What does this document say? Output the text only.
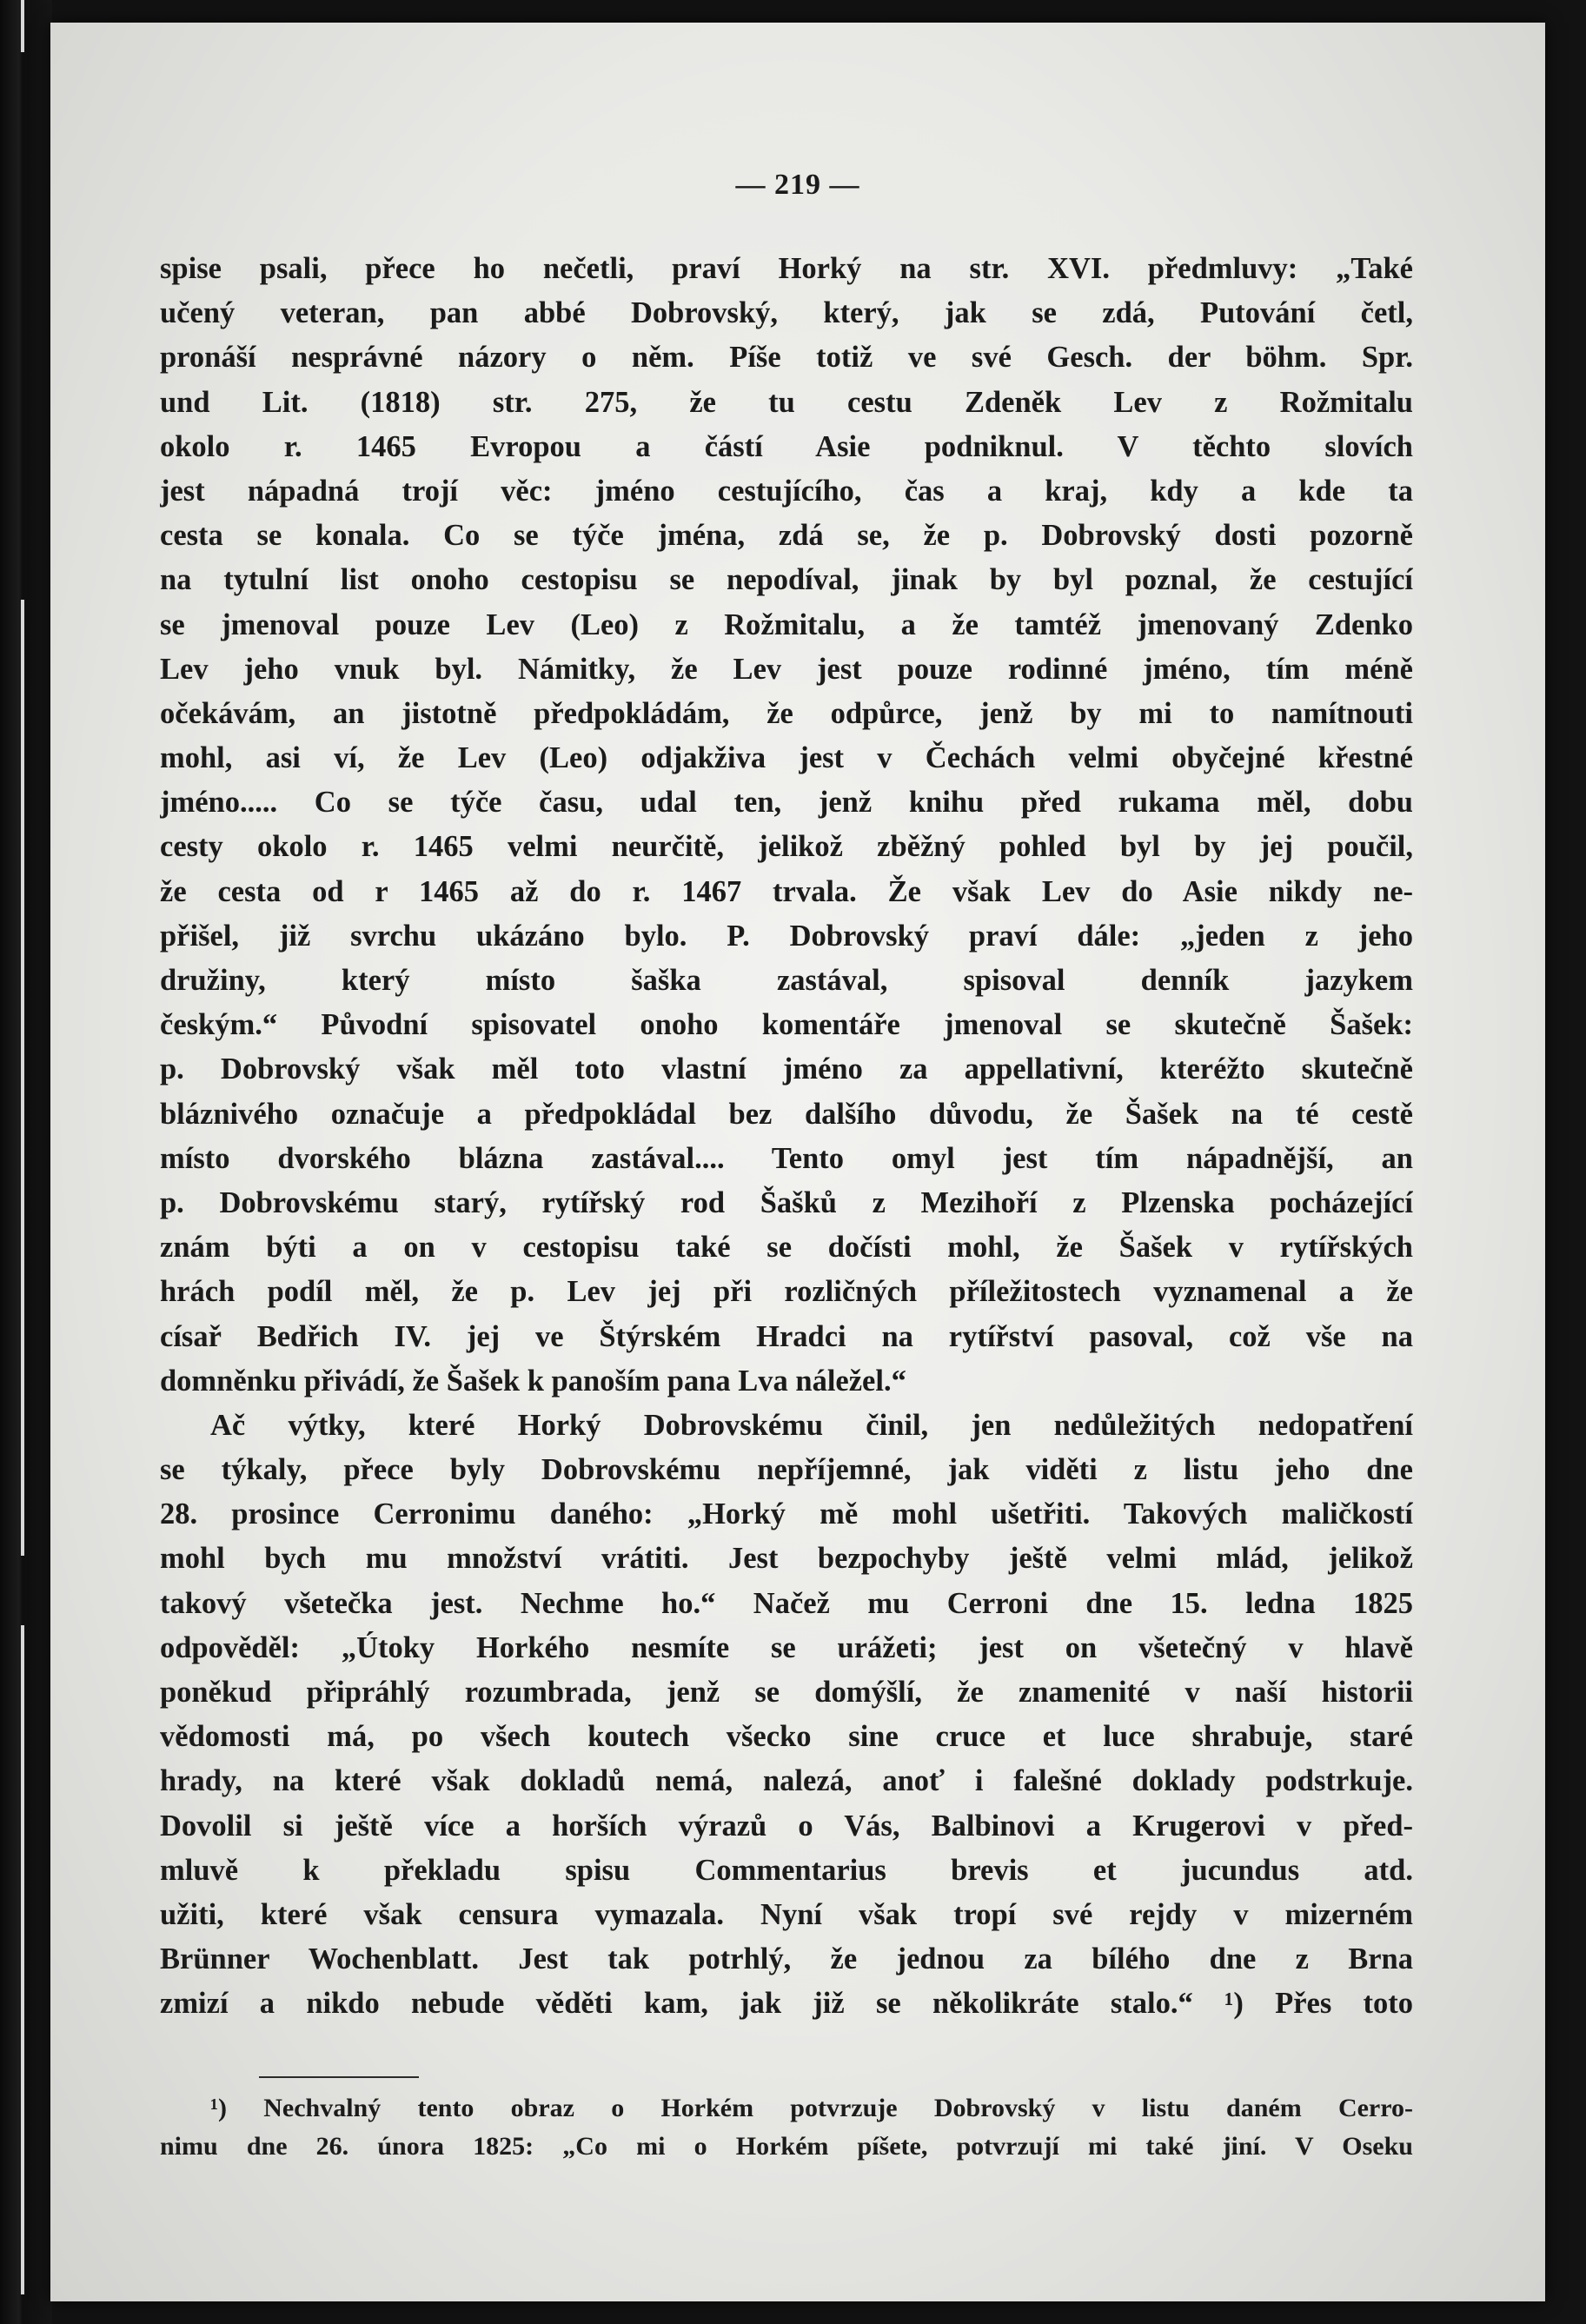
— 219 —
spise psali, přece ho nečetli, praví Horký na str. XVI. předmluvy: „Také
učený veteran, pan abbé Dobrovský, který, jak se zdá, Putování četl,
pronáší nesprávné názory o něm. Píše totiž ve své Gesch. der böhm. Spr.
und Lit. (1818) str. 275, že tu cestu Zdeněk Lev z Rožmitalu
okolo r. 1465 Evropou a částí Asie podniknul. V těchto slovích
jest nápadná trojí věc: jméno cestujícího, čas a kraj, kdy a kde ta
cesta se konala. Co se týče jména, zdá se, že p. Dobrovský dosti pozorně
na tytulní list onoho cestopisu se nepodíval, jinak by byl poznal, že cestující
se jmenoval pouze Lev (Leo) z Rožmitalu, a že tamtéž jmenovaný Zdenko
Lev jeho vnuk byl. Námitky, že Lev jest pouze rodinné jméno, tím méně
očekávám, an jistotně předpokládám, že odpůrce, jenž by mi to namítnouti
mohl, asi ví, že Lev (Leo) odjakživa jest v Čechách velmi obyčejné křestné
jméno..... Co se týče času, udal ten, jenž knihu před rukama měl, dobu
cesty okolo r. 1465 velmi neurčitě, jelikož zběžný pohled byl by jej poučil,
že cesta od r 1465 až do r. 1467 trvala. Že však Lev do Asie nikdy ne-
přišel, již svrchu ukázáno bylo. P. Dobrovský praví dále: „jeden z jeho
družiny, který místo šaška zastával, spisoval denník jazykem
českým.“ Původní spisovatel onoho komentáře jmenoval se skutečně Šašek:
p. Dobrovský však měl toto vlastní jméno za appellativní, kteréžto skutečně
bláznivého označuje a předpokládal bez dalšího důvodu, že Šašek na té cestě
místo dvorského blázna zastával.... Tento omyl jest tím nápadnější, an
p. Dobrovskému starý, rytířský rod Šašků z Mezihoří z Plzenska pocházející
znám býti a on v cestopisu také se dočísti mohl, že Šašek v rytířských
hrách podíl měl, že p. Lev jej při rozličných příležitostech vyznamenal a že
císař Bedřich IV. jej ve Štýrském Hradci na rytířství pasoval, což vše na
domněnku přivádí, že Šašek k panoším pana Lva náležel.“
Ač výtky, které Horký Dobrovskému činil, jen nedůležitých nedopatření
se týkaly, přece byly Dobrovskému nepříjemné, jak viděti z listu jeho dne
28. prosince Cerronimu daného: „Horký mě mohl ušetřiti. Takových maličkostí
mohl bych mu množství vrátiti. Jest bezpochyby ještě velmi mlád, jelikož
takový všetečka jest. Nechme ho.“ Načež mu Cerroni dne 15. ledna 1825
odpověděl: „Útoky Horkého nesmíte se urážeti; jest on všetečný v hlavě
poněkud připráhlý rozumbrada, jenž se domýšlí, že znamenité v naší historii
vědomosti má, po všech koutech všecko sine cruce et luce shrabuje, staré
hrady, na které však dokladů nemá, nalezá, anoť i falešné doklady podstrkuje.
Dovolil si ještě více a horších výrazů o Vás, Balbinovi a Krugerovi v před-
mluvě k překladu spisu Commentarius brevis et jucundus atd.
užiti, které však censura vymazala. Nyní však tropí své rejdy v mizerném
Brünner Wochenblatt. Jest tak potrhlý, že jednou za bílého dne z Brna
zmizí a nikdo nebude věděti kam, jak již se několikráte stalo.“ ¹) Přes toto
¹) Nechvalný tento obraz o Horkém potvrzuje Dobrovský v listu daném Cerro-
nimu dne 26. února 1825: „Co mi o Horkém píšete, potvrzují mi také jiní. V Oseku
